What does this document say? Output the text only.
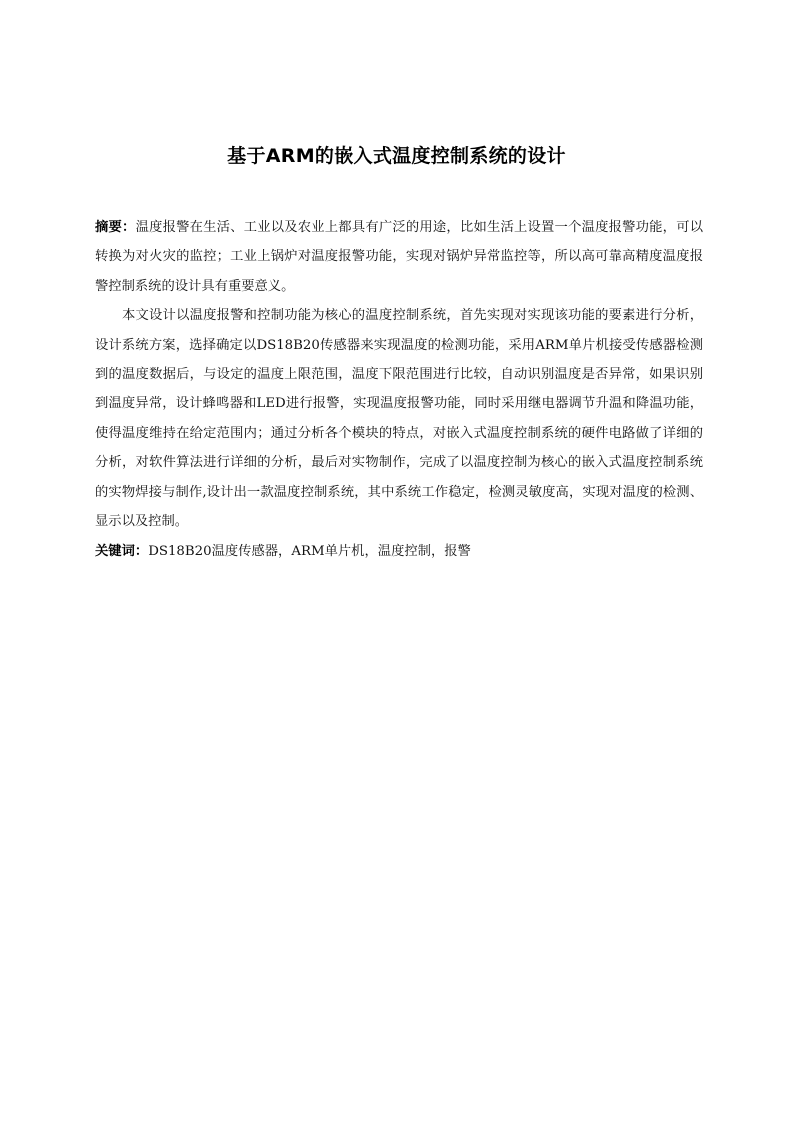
基于ARM的嵌入式温度控制系统的设计

摘要：温度报警在生活、工业以及农业上都具有广泛的用途，比如生活上设置一个温度报警功能，可以转换为对火灾的监控；工业上锅炉对温度报警功能，实现对锅炉异常监控等，所以高可靠高精度温度报警控制系统的设计具有重要意义。

本文设计以温度报警和控制功能为核心的温度控制系统，首先实现对实现该功能的要素进行分析，设计系统方案，选择确定以DS18B20传感器来实现温度的检测功能，采用ARM单片机接受传感器检测到的温度数据后，与设定的温度上限范围，温度下限范围进行比较，自动识别温度是否异常，如果识别到温度异常，设计蜂鸣器和LED进行报警，实现温度报警功能，同时采用继电器调节升温和降温功能，使得温度维持在给定范围内；通过分析各个模块的特点，对嵌入式温度控制系统的硬件电路做了详细的分析，对软件算法进行详细的分析，最后对实物制作，完成了以温度控制为核心的嵌入式温度控制系统的实物焊接与制作,设计出一款温度控制系统，其中系统工作稳定，检测灵敏度高，实现对温度的检测、显示以及控制。

关键词：DS18B20温度传感器，ARM单片机，温度控制，报警
